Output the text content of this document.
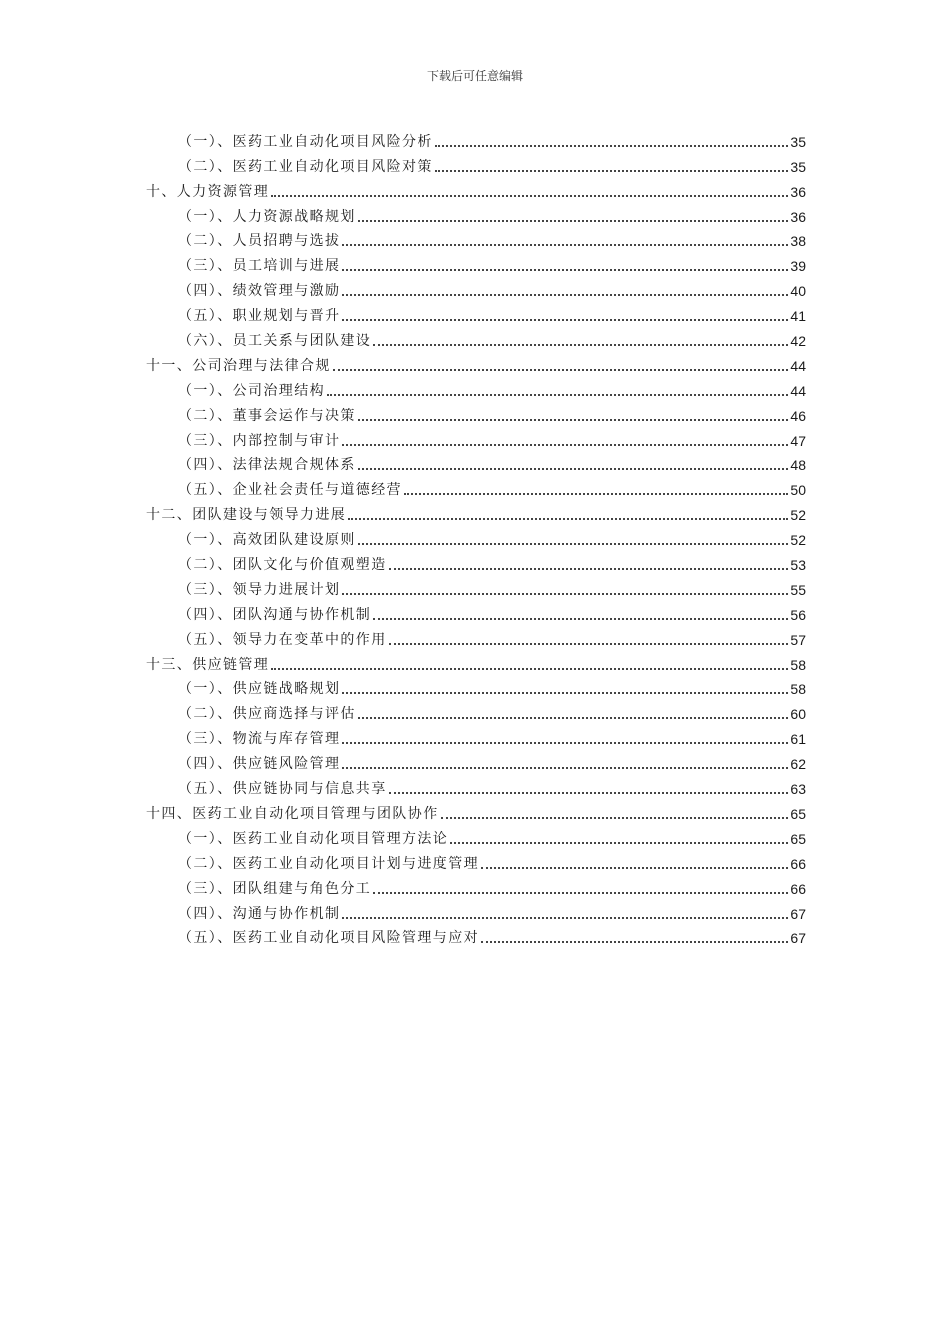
下载后可任意编辑
（一）、医药工业自动化项目风险分析	35
（二）、医药工业自动化项目风险对策	35
十、人力资源管理	36
（一）、人力资源战略规划	36
（二）、人员招聘与选拔	38
（三）、员工培训与进展	39
（四）、绩效管理与激励	40
（五）、职业规划与晋升	41
（六）、员工关系与团队建设	42
十一、公司治理与法律合规	44
（一）、公司治理结构	44
（二）、董事会运作与决策	46
（三）、内部控制与审计	47
（四）、法律法规合规体系	48
（五）、企业社会责任与道德经营	50
十二、团队建设与领导力进展	52
（一）、高效团队建设原则	52
（二）、团队文化与价值观塑造	53
（三）、领导力进展计划	55
（四）、团队沟通与协作机制	56
（五）、领导力在变革中的作用	57
十三、供应链管理	58
（一）、供应链战略规划	58
（二）、供应商选择与评估	60
（三）、物流与库存管理	61
（四）、供应链风险管理	62
（五）、供应链协同与信息共享	63
十四、医药工业自动化项目管理与团队协作	65
（一）、医药工业自动化项目管理方法论	65
（二）、医药工业自动化项目计划与进度管理	66
（三）、团队组建与角色分工	66
（四）、沟通与协作机制	67
（五）、医药工业自动化项目风险管理与应对	67
